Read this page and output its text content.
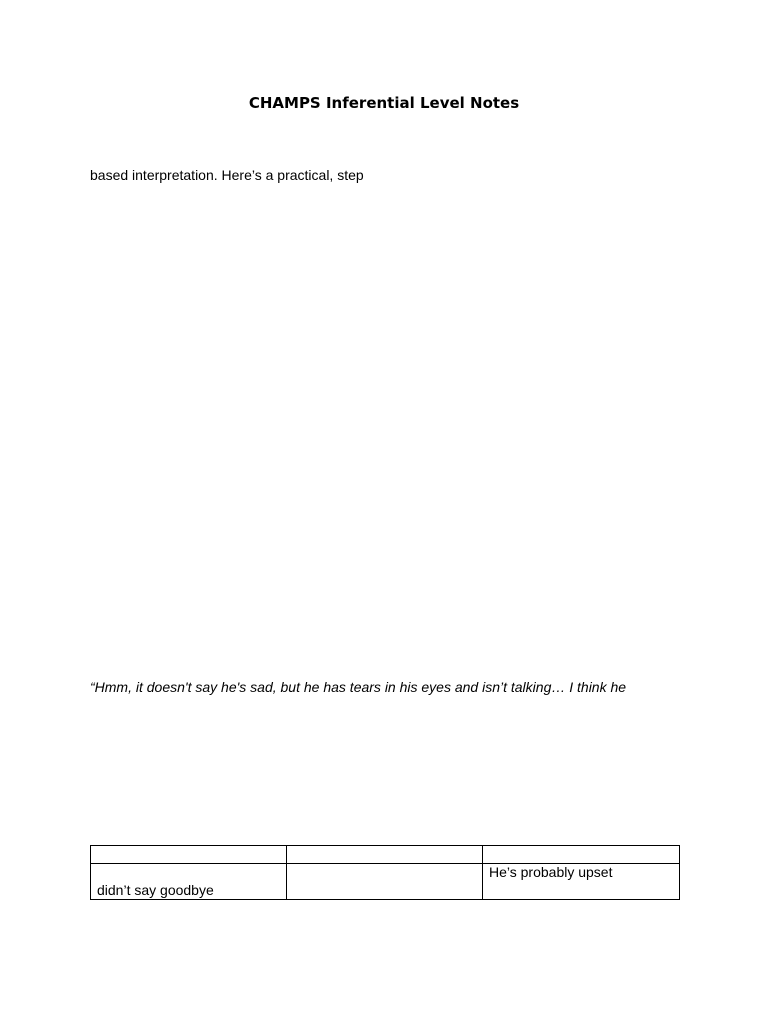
CHAMPS Inferential Level Notes

based interpretation. Here’s a practical, step

“Hmm, it doesn't say he's sad, but he has tears in his eyes and isn’t talking… I think he

didn’t say goodbye		He’s probably upset
